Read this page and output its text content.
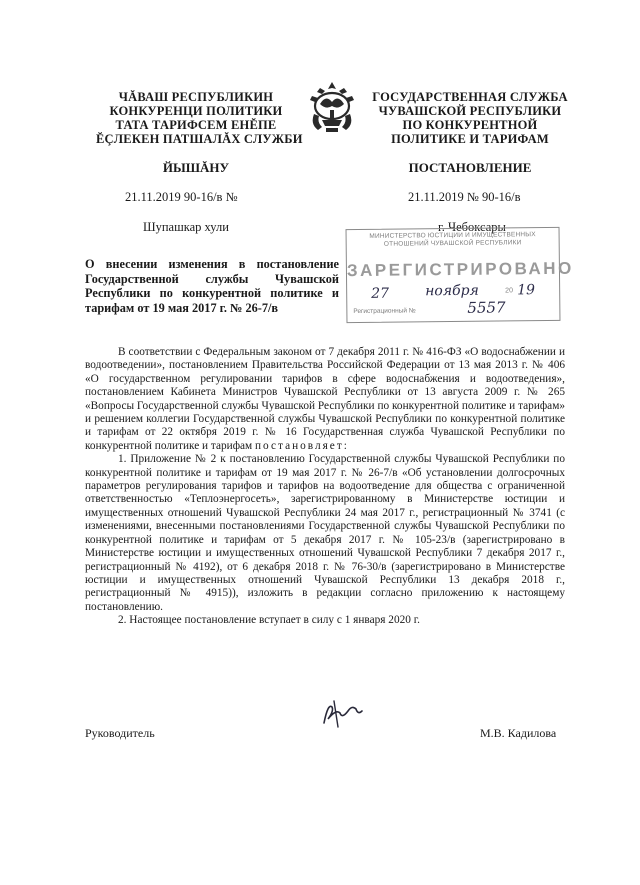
ЧĂВАШ РЕСПУБЛИКИН
КОНКУРЕНЦИ ПОЛИТИКИ
ТАТА ТАРИФСЕМ ЕНĔПЕ
ĔÇЛЕКЕН ПАТШАЛĂХ СЛУЖБИ
ГОСУДАРСТВЕННАЯ СЛУЖБА
ЧУВАШСКОЙ РЕСПУБЛИКИ
ПО КОНКУРЕНТНОЙ
ПОЛИТИКЕ И ТАРИФАМ
ЙЫШĂНУ	ПОСТАНОВЛЕНИЕ
21.11.2019 90-16/в №	21.11.2019 № 90-16/в
Шупашкар хули	г. Чебоксары
МИНИСТЕРСТВО ЮСТИЦИИ И ИМУЩЕСТВЕННЫХ ОТНОШЕНИЙ ЧУВАШСКОЙ РЕСПУБЛИКИ
ЗАРЕГИСТРИРОВАНО
27	ноября	20 19
Регистрационный №	5557
О внесении изменения в постановление Государственной службы Чувашской Республики по конкурентной политике и тарифам от 19 мая 2017 г. № 26-7/в

В соответствии с Федеральным законом от 7 декабря 2011 г. № 416-ФЗ «О водоснабжении и водоотведении», постановлением Правительства Российской Федерации от 13 мая 2013 г. № 406 «О государственном регулировании тарифов в сфере водоснабжения и водоотведения», постановлением Кабинета Министров Чувашской Республики от 13 августа 2009 г. № 265 «Вопросы Государственной службы Чувашской Республики по конкурентной политике и тарифам» и решением коллегии Государственной службы Чувашской Республики по конкурентной политике и тарифам от 22 октября 2019 г. № 16 Государственная служба Чувашской Республики по конкурентной политике и тарифам постановляет:

1. Приложение № 2 к постановлению Государственной службы Чувашской Республики по конкурентной политике и тарифам от 19 мая 2017 г. № 26-7/в «Об установлении долгосрочных параметров регулирования тарифов и тарифов на водоотведение для общества с ограниченной ответственностью «Теплоэнергосеть», зарегистрированному в Министерстве юстиции и имущественных отношений Чувашской Республики 24 мая 2017 г., регистрационный № 3741 (с изменениями, внесенными постановлениями Государственной службы Чувашской Республики по конкурентной политике и тарифам от 5 декабря 2017 г. № 105-23/в (зарегистрировано в Министерстве юстиции и имущественных отношений Чувашской Республики 7 декабря 2017 г., регистрационный № 4192), от 6 декабря 2018 г. № 76-30/в (зарегистрировано в Министерстве юстиции и имущественных отношений Чувашской Республики 13 декабря 2018 г., регистрационный № 4915)), изложить в редакции согласно приложению к настоящему постановлению.

2. Настоящее постановление вступает в силу с 1 января 2020 г.

Руководитель	М.В. Кадилова
